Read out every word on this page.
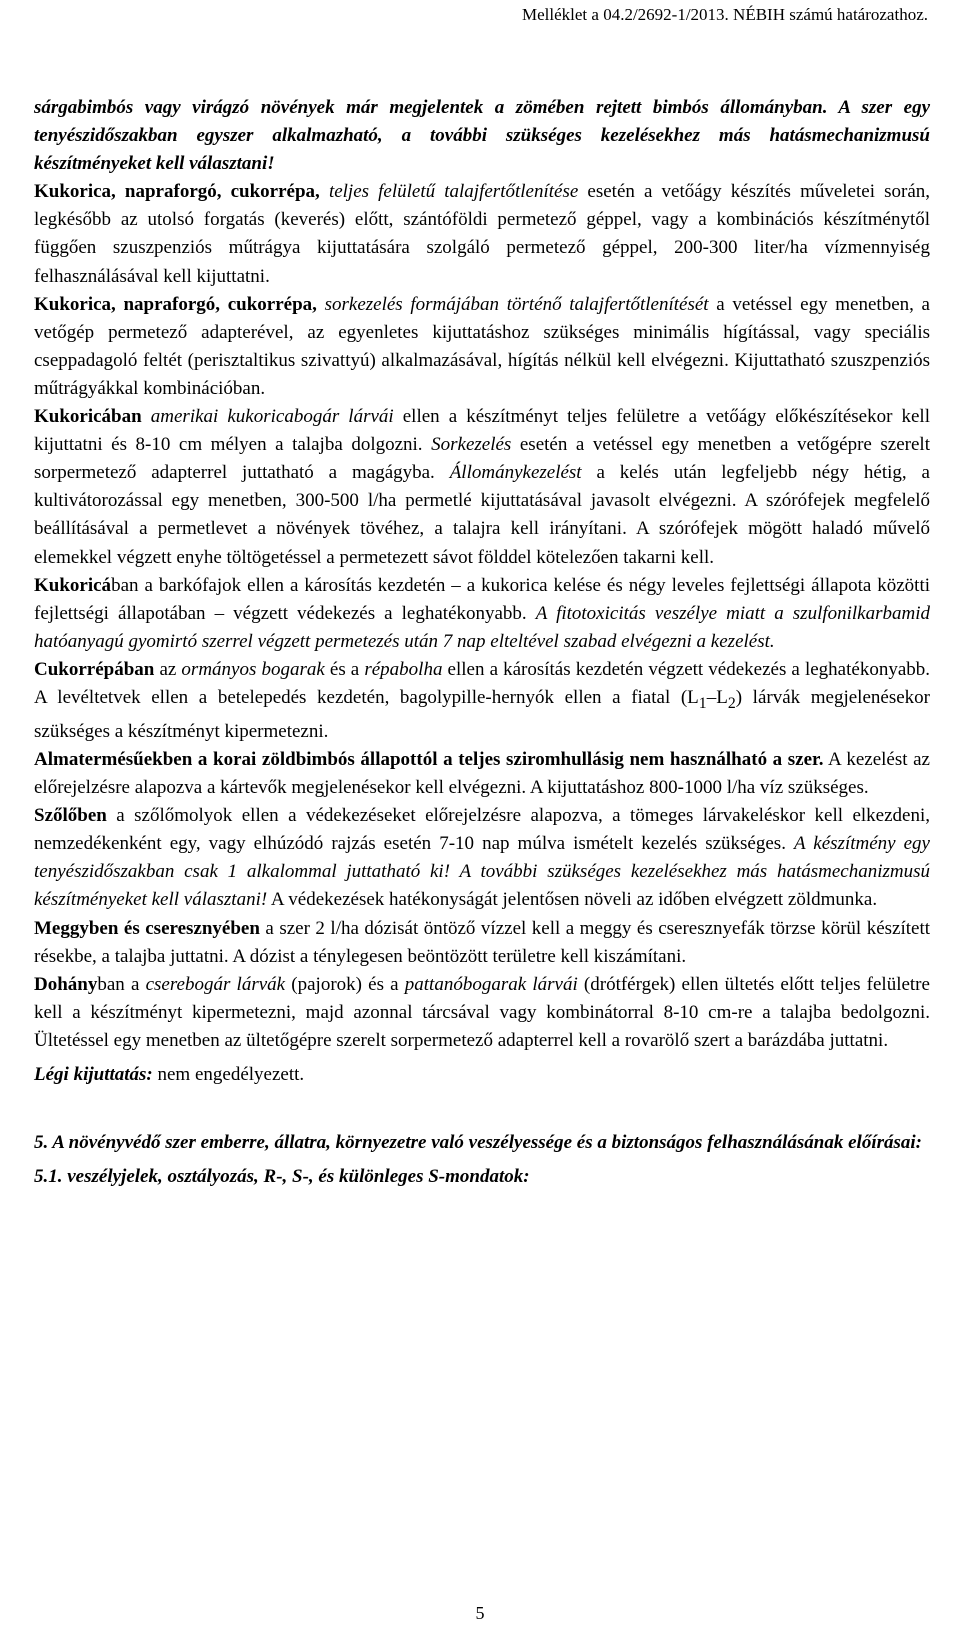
Melléklet a 04.2/2692-1/2013. NÉBIH számú határozathoz.

sárgabimbós vagy virágzó növények már megjelentek a zömében rejtett bimbós állományban. A szer egy tenyészidőszakban egyszer alkalmazható, a további szükséges kezelésekhez más hatásmechanizmusú készítményeket kell választani!

Kukorica, napraforgó, cukorrépa, teljes felületű talajfertőtlenítése esetén a vetőágy készítés műveletei során, legkésőbb az utolsó forgatás (keverés) előtt, szántóföldi permetező géppel, vagy a kombinációs készítménytől függően szuszpenziós műtrágya kijuttatására szolgáló permetező géppel, 200-300 liter/ha vízmennyiség felhasználásával kell kijuttatni.

Kukorica, napraforgó, cukorrépa, sorkezelés formájában történő talajfertőtlenítését a vetéssel egy menetben, a vetőgép permetező adapterével, az egyenletes kijuttatáshoz szükséges minimális hígítással, vagy speciális cseppadagoló feltét (perisztaltikus szivattyú) alkalmazásával, hígítás nélkül kell elvégezni. Kijuttatható szuszpenziós műtrágyákkal kombinációban.

Kukoricában amerikai kukoricabogár lárvái ellen a készítményt teljes felületre a vetőágy előkészítésekor kell kijuttatni és 8-10 cm mélyen a talajba dolgozni. Sorkezelés esetén a vetéssel egy menetben a vetőgépre szerelt sorpermetező adapterrel juttatható a magágyba. Állománykezelést a kelés után legfeljebb négy hétig, a kultivátorozással egy menetben, 300-500 l/ha permetlé kijuttatásával javasolt elvégezni. A szórófejek megfelelő beállításával a permetlevet a növények tövéhez, a talajra kell irányítani. A szórófejek mögött haladó művelő elemekkel végzett enyhe töltögetéssel a permetezett sávot földdel kötelezően takarni kell.

Kukoricában a barkófajok ellen a károsítás kezdetén – a kukorica kelése és négy leveles fejlettségi állapota közötti fejlettségi állapotában – végzett védekezés a leghatékonyabb. A fitotoxicitás veszélye miatt a szulfonilkarbamid hatóanyagú gyomirtó szerrel végzett permetezés után 7 nap elteltével szabad elvégezni a kezelést.

Cukorrépában az ormányos bogarak és a répabolha ellen a károsítás kezdetén végzett védekezés a leghatékonyabb. A levéltetvek ellen a betelepedés kezdetén, bagolypille-hernyók ellen a fiatal $(L_1-L_2)$ lárvák megjelenésekor szükséges a készítményt kipermetezni.

Almatermésűekben a korai zöldbimbós állapottól a teljes sziromhullásig nem használható a szer. A kezelést az előrejelzésre alapozva a kártevők megjelenésekor kell elvégezni. A kijuttatáshoz 800-1000 l/ha víz szükséges.

Szőlőben a szőlőmolyok ellen a védekezéseket előrejelzésre alapozva, a tömeges lárvakeléskor kell elkezdeni, nemzedékenként egy, vagy elhúzódó rajzás esetén 7-10 nap múlva ismételt kezelés szükséges. A készítmény egy tenyészidőszakban csak 1 alkalommal juttatható ki! A további szükséges kezelésekhez más hatásmechanizmusú készítményeket kell választani! A védekezések hatékonyságát jelentősen növeli az időben elvégzett zöldmunka.

Meggyben és cseresznyében a szer 2 l/ha dózisát öntöző vízzel kell a meggy és cseresznyefák törzse körül készített résekbe, a talajba juttatni. A dózist a ténylegesen beöntözött területre kell kiszámítani.

Dohányban a cserebogár lárvák (pajorok) és a pattanóbogarak lárvái (drótférgek) ellen ültetés előtt teljes felületre kell a készítményt kipermetezni, majd azonnal tárcsával vagy kombinátorral 8-10 cm-re a talajba bedolgozni. Ültetéssel egy menetben az ültetőgépre szerelt sorpermetező adapterrel kell a rovarölő szert a barázdába juttatni.

Légi kijuttatás: nem engedélyezett.

5. A növényvédő szer emberre, állatra, környezetre való veszélyessége és a biztonságos felhasználásának előírásai:

5.1. veszélyjelek, osztályozás, R-, S-, és különleges S-mondatok:

5
